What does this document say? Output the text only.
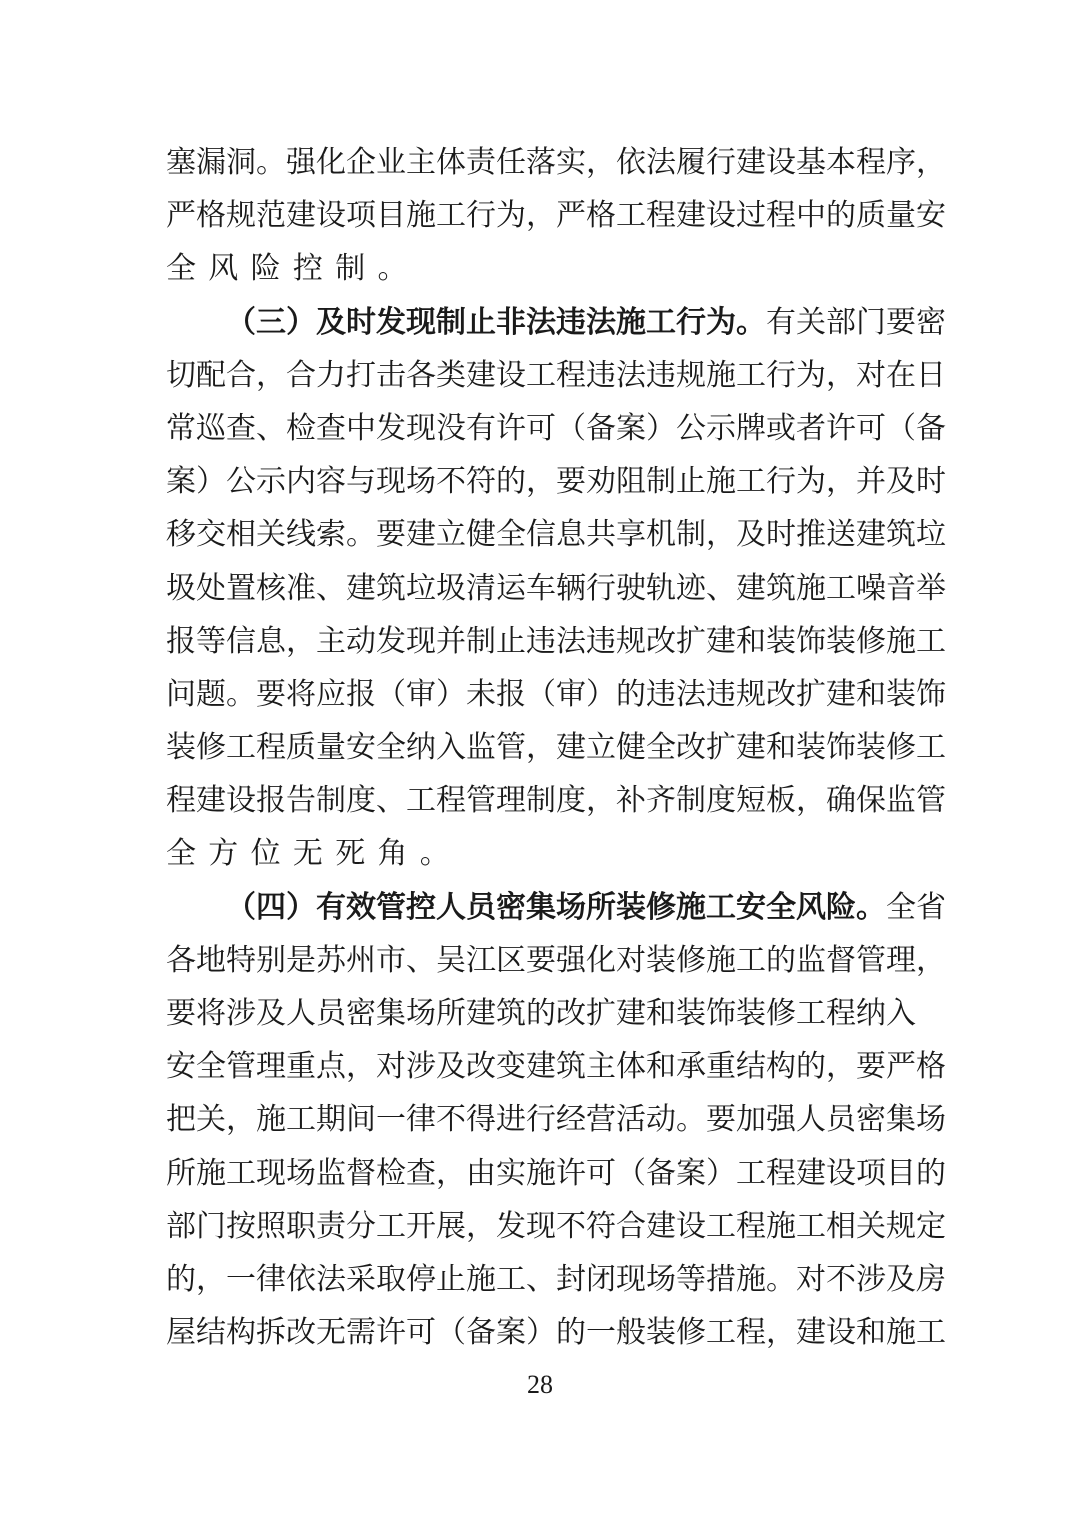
塞 漏 洞 。 强 化 企 业 主 体 责 任 落 实 ， 依 法 履 行 建 设 基 本 程 序 ，
严 格 规 范 建 设 项 目 施 工 行 为 ， 严 格 工 程 建 设 过 程 中 的 质 量 安
全风险控制。
（ 三 ） 及 时 发 现 制 止 非 法 违 法 施 工 行 为 。 有 关 部 门 要 密
切 配 合 ， 合 力 打 击 各 类 建 设 工 程 违 法 违 规 施 工 行 为 ， 对 在 日
常 巡 查 、 检 查 中 发 现 没 有 许 可 （ 备 案 ） 公 示 牌 或 者 许 可 （ 备
案 ） 公 示 内 容 与 现 场 不 符 的 ， 要 劝 阻 制 止 施 工 行 为 ， 并 及 时
移 交 相 关 线 索 。 要 建 立 健 全 信 息 共 享 机 制 ， 及 时 推 送 建 筑 垃
圾 处 置 核 准 、 建 筑 垃 圾 清 运 车 辆 行 驶 轨 迹 、 建 筑 施 工 噪 音 举
报 等 信 息 ， 主 动 发 现 并 制 止 违 法 违 规 改 扩 建 和 装 饰 装 修 施 工
问 题 。 要 将 应 报 （ 审 ） 未 报 （ 审 ） 的 违 法 违 规 改 扩 建 和 装 饰
装 修 工 程 质 量 安 全 纳 入 监 管 ， 建 立 健 全 改 扩 建 和 装 饰 装 修 工
程 建 设 报 告 制 度 、 工 程 管 理 制 度 ， 补 齐 制 度 短 板 ， 确 保 监 管
全方位无死角。
（ 四 ） 有 效 管 控 人 员 密 集 场 所 装 修 施 工 安 全 风 险 。 全 省
各 地 特 别 是 苏 州 市 、 吴 江 区 要 强 化 对 装 修 施 工 的 监 督 管 理 ，
要 将 涉 及 人 员 密 集 场 所 建 筑 的 改 扩 建 和 装 饰 装 修 工 程 纳 入
安 全 管 理 重 点 ， 对 涉 及 改 变 建 筑 主 体 和 承 重 结 构 的 ， 要 严 格
把 关 ， 施 工 期 间 一 律 不 得 进 行 经 营 活 动 。 要 加 强 人 员 密 集 场
所 施 工 现 场 监 督 检 查 ， 由 实 施 许 可 （ 备 案 ） 工 程 建 设 项 目 的
部 门 按 照 职 责 分 工 开 展 ， 发 现 不 符 合 建 设 工 程 施 工 相 关 规 定
的 ， 一 律 依 法 采 取 停 止 施 工 、 封 闭 现 场 等 措 施 。 对 不 涉 及 房
屋 结 构 拆 改 无 需 许 可 （ 备 案 ） 的 一 般 装 修 工 程 ， 建 设 和 施 工
28
